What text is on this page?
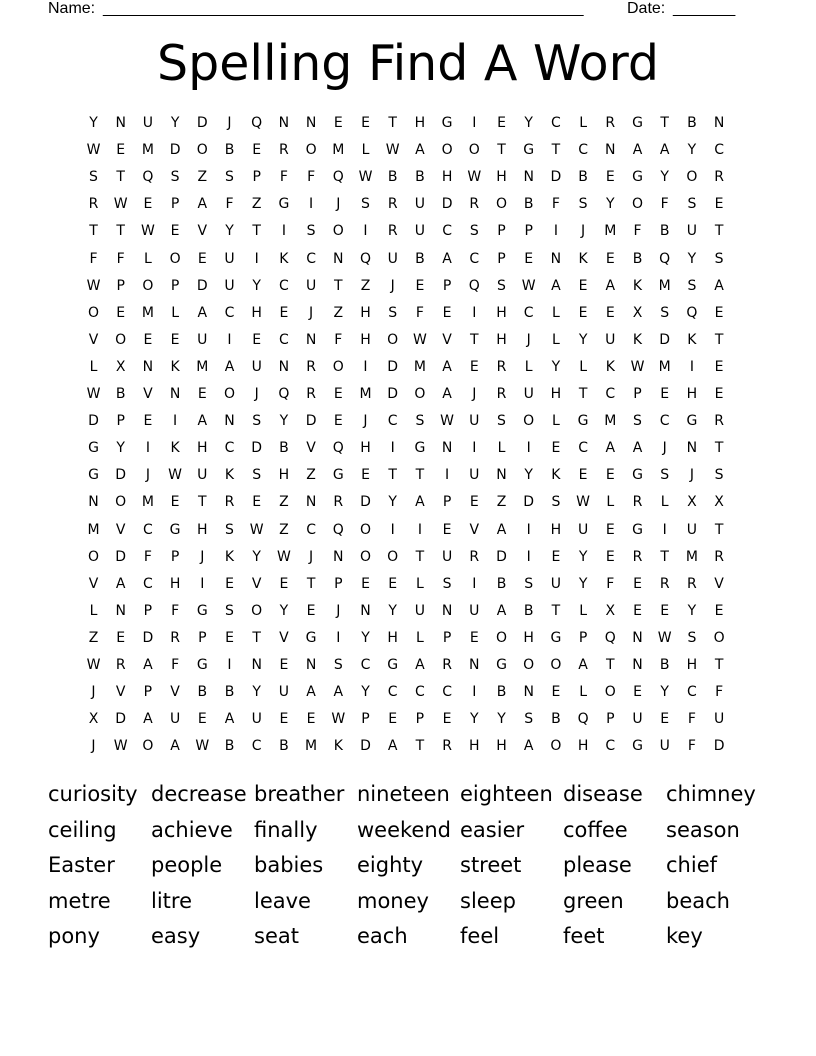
Name: ______________________________________________________	Date: _______
Spelling Find A Word
Y	N	U	Y	D	J	Q	N	N	E	E	T	H	G	I	E	Y	C	L	R	G	T	B	N
W	E	M	D	O	B	E	R	O	M	L	W	A	O	O	T	G	T	C	N	A	A	Y	C
S	T	Q	S	Z	S	P	F	F	Q	W	B	B	H	W	H	N	D	B	E	G	Y	O	R
R	W	E	P	A	F	Z	G	I	J	S	R	U	D	R	O	B	F	S	Y	O	F	S	E
T	T	W	E	V	Y	T	I	S	O	I	R	U	C	S	P	P	I	J	M	F	B	U	T
F	F	L	O	E	U	I	K	C	N	Q	U	B	A	C	P	E	N	K	E	B	Q	Y	S
W	P	O	P	D	U	Y	C	U	T	Z	J	E	P	Q	S	W	A	E	A	K	M	S	A
O	E	M	L	A	C	H	E	J	Z	H	S	F	E	I	H	C	L	E	E	X	S	Q	E
V	O	E	E	U	I	E	C	N	F	H	O	W	V	T	H	J	L	Y	U	K	D	K	T
L	X	N	K	M	A	U	N	R	O	I	D	M	A	E	R	L	Y	L	K	W	M	I	E
W	B	V	N	E	O	J	Q	R	E	M	D	O	A	J	R	U	H	T	C	P	E	H	E
D	P	E	I	A	N	S	Y	D	E	J	C	S	W	U	S	O	L	G	M	S	C	G	R
G	Y	I	K	H	C	D	B	V	Q	H	I	G	N	I	L	I	E	C	A	A	J	N	T
G	D	J	W	U	K	S	H	Z	G	E	T	T	I	U	N	Y	K	E	E	G	S	J	S
N	O	M	E	T	R	E	Z	N	R	D	Y	A	P	E	Z	D	S	W	L	R	L	X	X
M	V	C	G	H	S	W	Z	C	Q	O	I	I	E	V	A	I	H	U	E	G	I	U	T
O	D	F	P	J	K	Y	W	J	N	O	O	T	U	R	D	I	E	Y	E	R	T	M	R
V	A	C	H	I	E	V	E	T	P	E	E	L	S	I	B	S	U	Y	F	E	R	R	V
L	N	P	F	G	S	O	Y	E	J	N	Y	U	N	U	A	B	T	L	X	E	E	Y	E
Z	E	D	R	P	E	T	V	G	I	Y	H	L	P	E	O	H	G	P	Q	N	W	S	O
W	R	A	F	G	I	N	E	N	S	C	G	A	R	N	G	O	O	A	T	N	B	H	T
J	V	P	V	B	B	Y	U	A	A	Y	C	C	C	I	B	N	E	L	O	E	Y	C	F
X	D	A	U	E	A	U	E	E	W	P	E	P	E	Y	Y	S	B	Q	P	U	E	F	U
J	W	O	A	W	B	C	B	M	K	D	A	T	R	H	H	A	O	H	C	G	U	F	D
curiosity decrease breather nineteen eighteen disease chimney
ceiling achieve finally weekend easier coffee season
Easter people babies eighty street please chief
metre litre	leave money sleep green beach
pony easy	seat	each feel	feet	key
